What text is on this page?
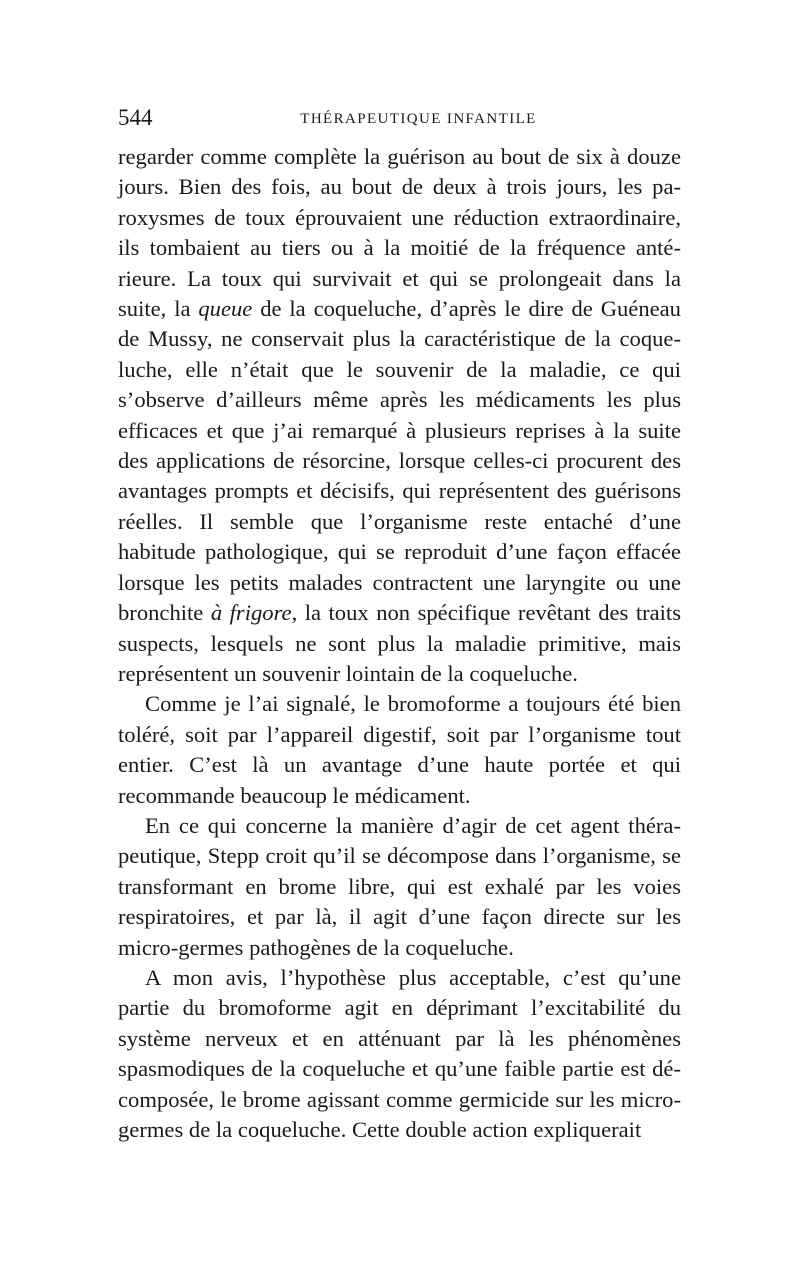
544	THÉRAPEUTIQUE INFANTILE

regarder comme complète la guérison au bout de six à douze jours. Bien des fois, au bout de deux à trois jours, les paroxysmes de toux éprouvaient une réduction extraordinaire, ils tombaient au tiers ou à la moitié de la fréquence antérieure. La toux qui survivait et qui se prolongeait dans la suite, la queue de la coqueluche, d’après le dire de Guéneau de Mussy, ne conservait plus la caractéristique de la coqueluche, elle n’était que le souvenir de la maladie, ce qui s’observe d’ailleurs même après les médicaments les plus efficaces et que j’ai remarqué à plusieurs reprises à la suite des applications de résorcine, lorsque celles-ci procurent des avantages prompts et décisifs, qui représentent des guérisons réelles. Il semble que l’organisme reste entaché d’une habitude pathologique, qui se reproduit d’une façon effacée lorsque les petits malades contractent une laryngite ou une bronchite à frigore, la toux non spécifique revêtant des traits suspects, lesquels ne sont plus la maladie primitive, mais représentent un souvenir lointain de la coqueluche.

Comme je l’ai signalé, le bromoforme a toujours été bien toléré, soit par l’appareil digestif, soit par l’organisme tout entier. C’est là un avantage d’une haute portée et qui recommande beaucoup le médicament.

En ce qui concerne la manière d’agir de cet agent thérapeutique, Stepp croit qu’il se décompose dans l’organisme, se transformant en brome libre, qui est exhalé par les voies respiratoires, et par là, il agit d’une façon directe sur les micro-germes pathogènes de la coqueluche.

A mon avis, l’hypothèse plus acceptable, c’est qu’une partie du bromoforme agit en déprimant l’excitabilité du système nerveux et en atténuant par là les phénomènes spasmodiques de la coqueluche et qu’une faible partie est décomposée, le brome agissant comme germicide sur les microgermes de la coqueluche. Cette double action expliquerait
